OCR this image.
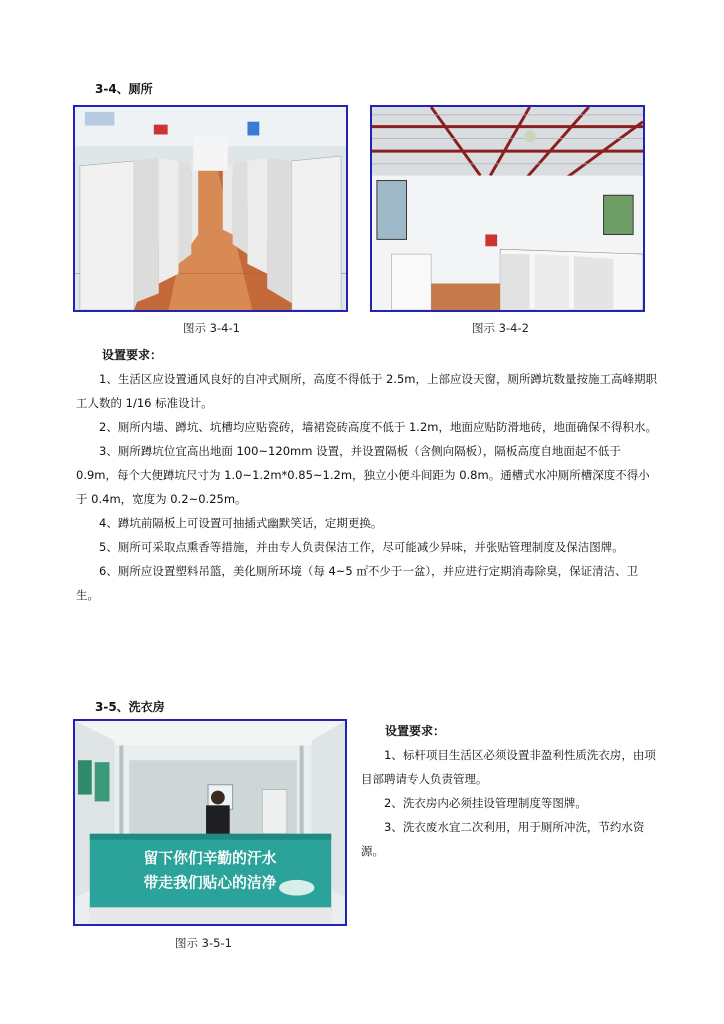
3-4、厕所
图示 3-4-1	图示 3-4-2
设置要求：

1、生活区应设置通风良好的自冲式厕所，高度不得低于 2.5m，上部应设天窗，厕所蹲坑数量按施工高峰期职工人数的 1/16 标准设计。

2、厕所内墙、蹲坑、坑槽均应贴瓷砖，墙裙瓷砖高度不低于 1.2m，地面应贴防滑地砖，地面确保不得积水。

3、厕所蹲坑位宜高出地面 100~120mm 设置，并设置隔板（含侧向隔板），隔板高度自地面起不低于 0.9m，每个大便蹲坑尺寸为 1.0~1.2m*0.85~1.2m，独立小便斗间距为 0.8m。通槽式水冲厕所槽深度不得小于 0.4m，宽度为 0.2~0.25m。

4、蹲坑前隔板上可设置可抽插式幽默笑话，定期更换。

5、厕所可采取点熏香等措施，并由专人负责保洁工作，尽可能减少异味，并张贴管理制度及保洁图牌。

6、厕所应设置塑料吊篮，美化厕所环境（每 4~5 ㎡不少于一盆），并应进行定期消毒除臭，保证清洁、卫生。

3-5、洗衣房
留下你们辛勤的汗水
带走我们贴心的洁净
图示 3-5-1
设置要求：

1、标杆项目生活区必须设置非盈利性质洗衣房，由项目部聘请专人负责管理。

2、洗衣房内必须挂设管理制度等图牌。

3、洗衣废水宜二次利用，用于厕所冲洗，节约水资源。
